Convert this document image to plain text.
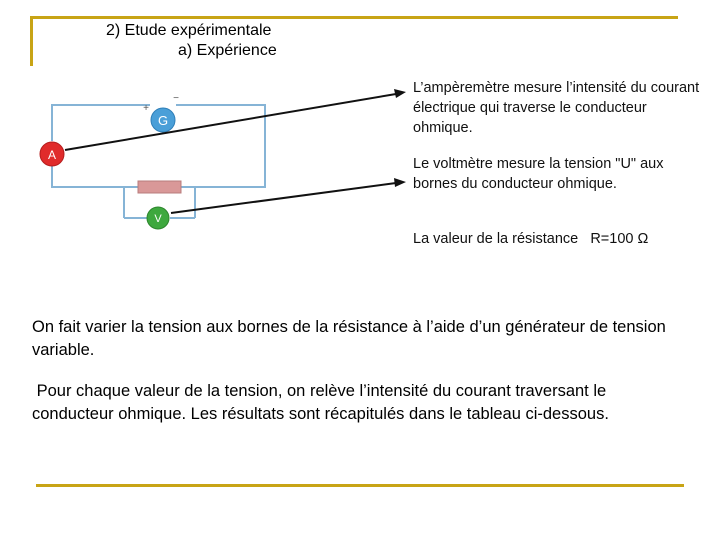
2) Etude expérimentale
a) Expérience
G
+
−
A
V
L’ampèremètre mesure l’intensité du courant électrique qui traverse le conducteur ohmique.
Le voltmètre mesure la tension "U" aux bornes du conducteur ohmique.
La valeur de la résistance   R=100 Ω
On fait varier la tension aux bornes de la résistance à l’aide d’un générateur de tension variable.
Pour chaque valeur de la tension, on relève l’intensité du courant traversant le conducteur ohmique. Les résultats sont récapitulés dans le tableau ci-dessous.
